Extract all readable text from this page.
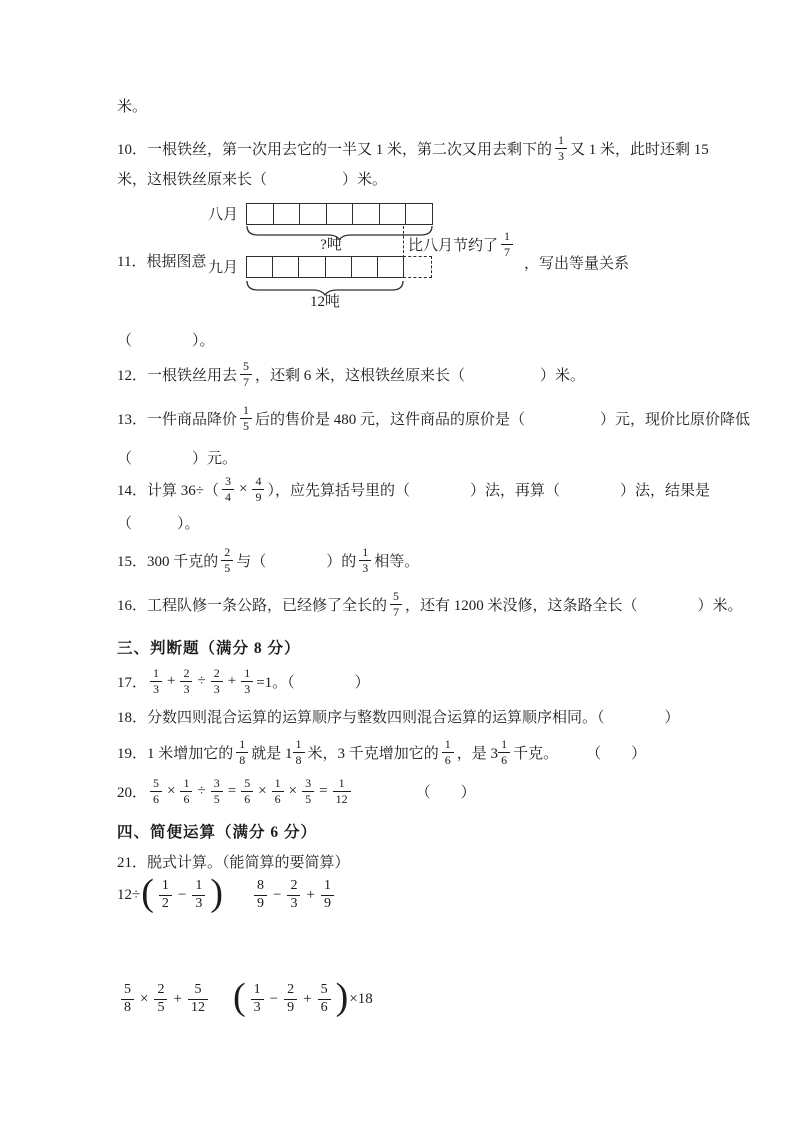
米。
10．一根铁丝，第一次用去它的一半又 1 米，第二次又用去剩下的 $\frac{1}{3}$ 又 1 米，此时还剩 15
米，这根铁丝原来长（　　　　　）米。
八月
?吨	比八月节约了 $\frac{1}{7}$
11．根据图意 九月
12吨
，写出等量关系
（　　　　）。
12．一根铁丝用去 $\frac{5}{7}$ ，还剩 6 米，这根铁丝原来长（　　　　　）米。
13．一件商品降价 $\frac{1}{5}$ 后的售价是 480 元，这件商品的原价是（　　　　　）元，现价比原价降低
（　　　　）元。
14．计算 $36\div( \frac{3}{4} \times \frac{4}{9}$ ），应先算括号里的（　　　　）法，再算（　　　　）法，结果是
（　　　）。
15．300 千克的 $\frac{2}{5}$ 与（　　　　）的 $\frac{1}{3}$ 相等。
16．工程队修一条公路，已经修了全长的 $\frac{5}{7}$ ，还有 1200 米没修，这条路全长（　　　　）米。
三、判断题（满分 8 分）
17． $\frac{1}{3} + \frac{2}{3} \div \frac{2}{3} + \frac{1}{3} =1$。（　　　　）
18．分数四则混合运算的运算顺序与整数四则混合运算的运算顺序相同。（　　　　）
19．1 米增加它的 $\frac{1}{8}$ 就是 $1 \frac{1}{8}$ 米，3 千克增加它的 $\frac{1}{6}$ ，是 $3 \frac{1}{6}$ 千克。 （　　）
20． $\frac{5}{6} \times \frac{1}{6} \div \frac{3}{5} = \frac{5}{6} \times \frac{1}{6} \times \frac{3}{5} = \frac{1}{12}$	（　　）
四、简便运算（满分 6 分）
21．脱式计算。（能简算的要简算）
12÷ ( $\frac{1}{2} - \frac{1}{3}$ ) $\frac{8}{9} - \frac{2}{3} + \frac{1}{9}$
$\frac{5}{8} \times \frac{2}{5} + \frac{5}{12}$ ( $\frac{1}{3} - \frac{2}{9} + \frac{5}{6}$ ) ×18
